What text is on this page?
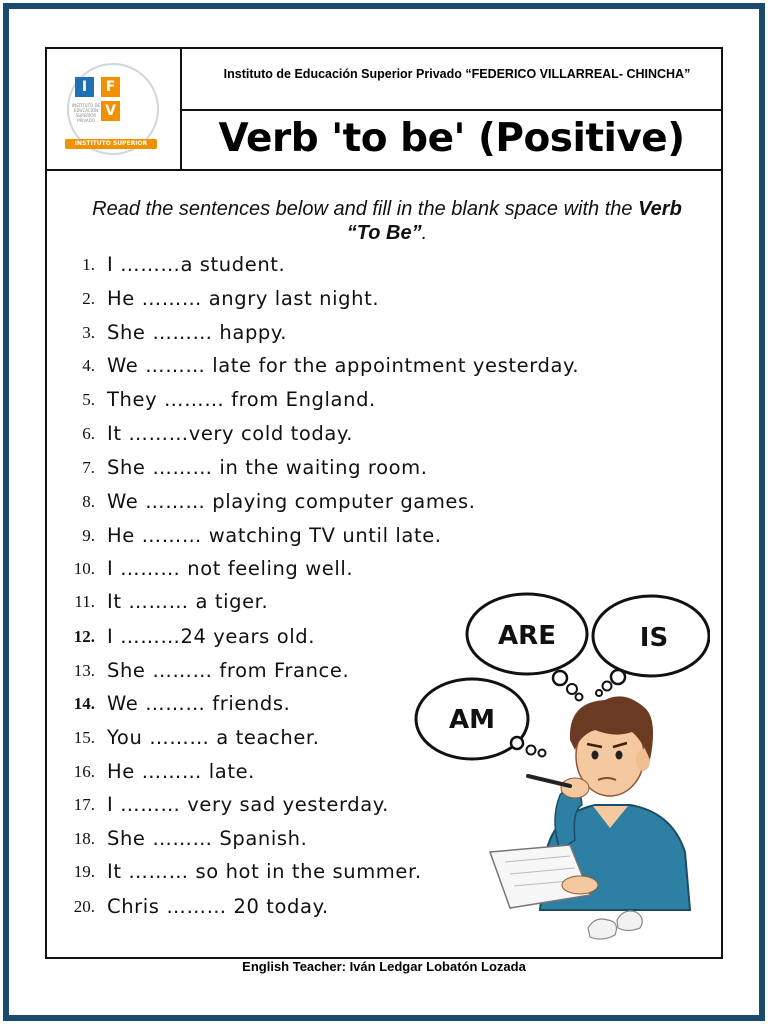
I	F
V
INSTITUTO DE EDUCACIÓN SUPERIOR PRIVADO
INSTITUTO SUPERIOR
Instituto de Educación Superior Privado “FEDERICO VILLARREAL- CHINCHA”
Verb 'to be' (Positive)
Read the sentences below and fill in the blank space with the Verb “To Be”.
1. I ………a student.
2. He ……… angry last night.
3. She ……… happy.
4. We ……… late for the appointment yesterday.
5. They ……… from England.
6. It ………very cold today.
7. She ……… in the waiting room.
8. We ……… playing computer games.
9. He ……… watching TV until late.
10. I ……… not feeling well.
11. It ……… a tiger.
12. I ………24 years old.
13. She ……… from France.
14. We ……… friends.
15. You ……… a teacher.
16. He ……… late.
17. I ……… very sad yesterday.
18. She ……… Spanish.
19. It ……… so hot in the summer.
20. Chris ……… 20 today.
ARE	IS
AM
English Teacher: Iván Ledgar Lobatón Lozada
